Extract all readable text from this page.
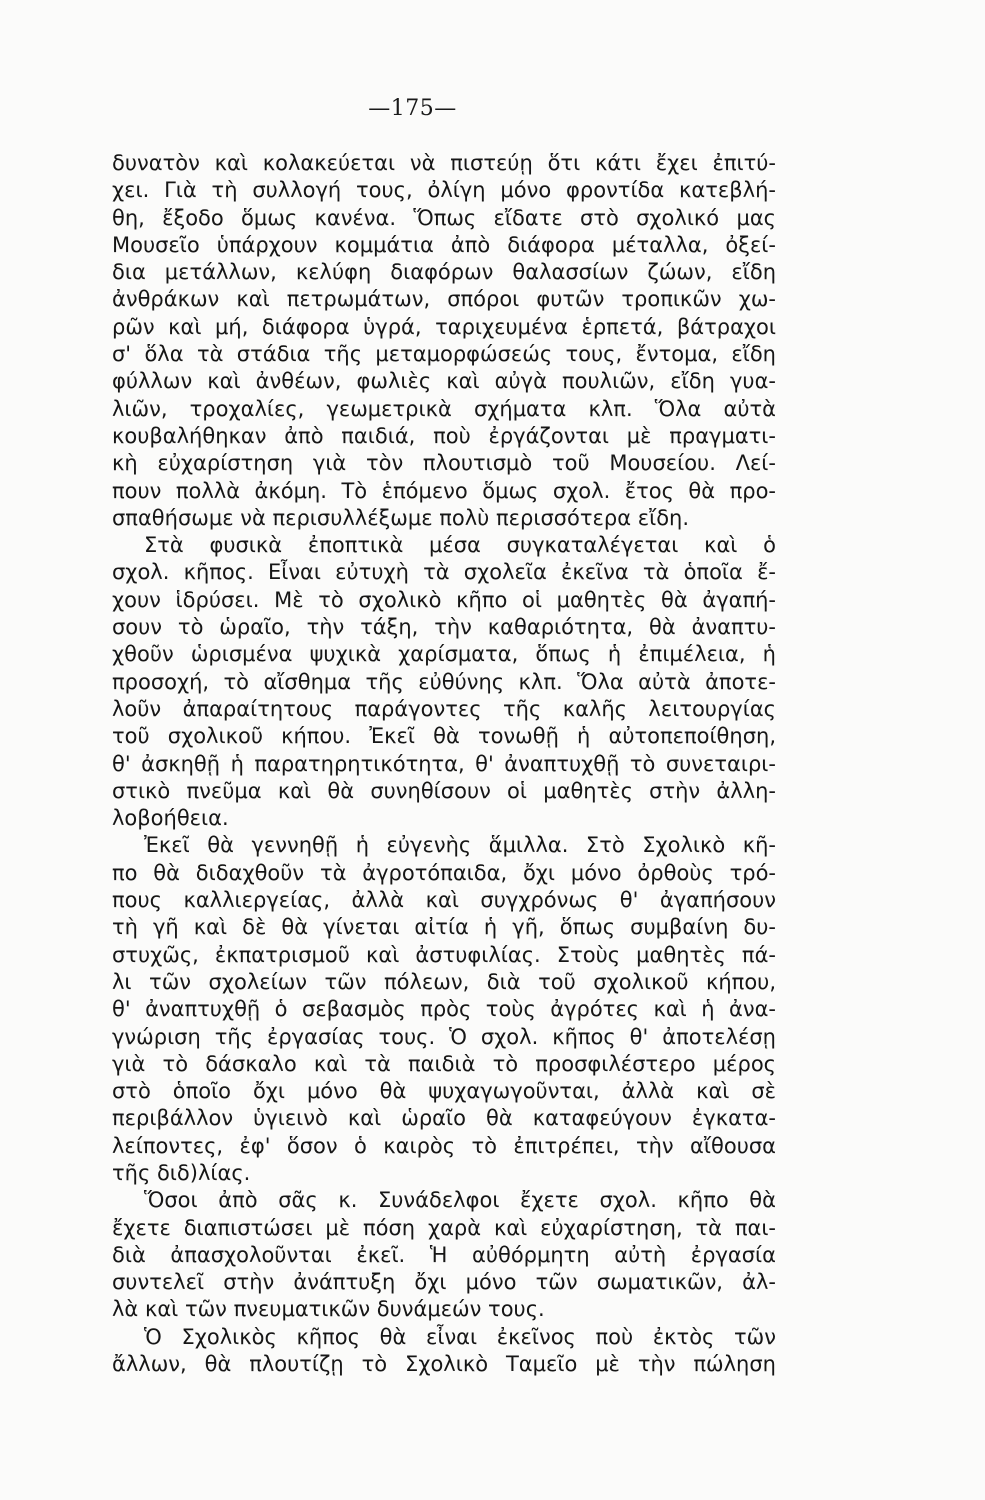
—175—
δυνατὸν καὶ κολακεύεται νὰ πιστεύῃ ὅτι κάτι ἔχει ἐπιτύ-
χει. Γιὰ τὴ συλλογή τους, ὀλίγη μόνο φροντίδα κατεβλή-
θη, ἔξοδο ὅμως κανένα. Ὅπως εἴδατε στὸ σχολικό μας
Μουσεῖο ὑπάρχουν κομμάτια ἀπὸ διάφορα μέταλλα, ὀξεί-
δια μετάλλων, κελύφη διαφόρων θαλασσίων ζώων, εἴδη
ἀνθράκων καὶ πετρωμάτων, σπόροι φυτῶν τροπικῶν χω-
ρῶν καὶ μή, διάφορα ὑγρά, ταριχευμένα ἑρπετά, βάτραχοι
σ' ὅλα τὰ στάδια τῆς μεταμορφώσεώς τους, ἔντομα, εἴδη
φύλλων καὶ ἀνθέων, φωλιὲς καὶ αὐγὰ πουλιῶν, εἴδη γυα-
λιῶν, τροχαλίες, γεωμετρικὰ σχήματα κλπ. Ὅλα αὐτὰ
κουβαλήθηκαν ἀπὸ παιδιά, ποὺ ἐργάζονται μὲ πραγματι-
κὴ εὐχαρίστηση γιὰ τὸν πλουτισμὸ τοῦ Μουσείου. Λεί-
πουν πολλὰ ἀκόμη. Τὸ ἑπόμενο ὅμως σχολ. ἔτος θὰ προ-
σπαθήσωμε νὰ περισυλλέξωμε πολὺ περισσότερα εἴδη.
Στὰ φυσικὰ ἐποπτικὰ μέσα συγκαταλέγεται καὶ ὁ
σχολ. κῆπος. Εἶναι εὐτυχὴ τὰ σχολεῖα ἐκεῖνα τὰ ὁποῖα ἔ-
χουν ἱδρύσει. Μὲ τὸ σχολικὸ κῆπο οἱ μαθητὲς θὰ ἀγαπή-
σουν τὸ ὡραῖο, τὴν τάξη, τὴν καθαριότητα, θὰ ἀναπτυ-
χθοῦν ὡρισμένα ψυχικὰ χαρίσματα, ὅπως ἡ ἐπιμέλεια, ἡ
προσοχή, τὸ αἴσθημα τῆς εὐθύνης κλπ. Ὅλα αὐτὰ ἀποτε-
λοῦν ἀπαραίτητους παράγοντες τῆς καλῆς λειτουργίας
τοῦ σχολικοῦ κήπου. Ἐκεῖ θὰ τονωθῇ ἡ αὐτοπεποίθηση,
θ' ἀσκηθῇ ἡ παρατηρητικότητα, θ' ἀναπτυχθῇ τὸ συνεταιρι-
στικὸ πνεῦμα καὶ θὰ συνηθίσουν οἱ μαθητὲς στὴν ἀλλη-
λοβοήθεια.
Ἐκεῖ θὰ γεννηθῇ ἡ εὐγενὴς ἅμιλλα. Στὸ Σχολικὸ κῆ-
πο θὰ διδαχθοῦν τὰ ἀγροτόπαιδα, ὄχι μόνο ὀρθοὺς τρό-
πους καλλιεργείας, ἀλλὰ καὶ συγχρόνως θ' ἀγαπήσουν
τὴ γῆ καὶ δὲ θὰ γίνεται αἰτία ἡ γῆ, ὅπως συμβαίνη δυ-
στυχῶς, ἐκπατρισμοῦ καὶ ἀστυφιλίας. Στοὺς μαθητὲς πά-
λι τῶν σχολείων τῶν πόλεων, διὰ τοῦ σχολικοῦ κήπου,
θ' ἀναπτυχθῇ ὁ σεβασμὸς πρὸς τοὺς ἀγρότες καὶ ἡ ἀνα-
γνώριση τῆς ἐργασίας τους. Ὁ σχολ. κῆπος θ' ἀποτελέσῃ
γιὰ τὸ δάσκαλο καὶ τὰ παιδιὰ τὸ προσφιλέστερο μέρος
στὸ ὁποῖο ὄχι μόνο θὰ ψυχαγωγοῦνται, ἀλλὰ καὶ σὲ
περιβάλλον ὑγιεινὸ καὶ ὡραῖο θὰ καταφεύγουν ἐγκατα-
λείποντες, ἐφ' ὅσον ὁ καιρὸς τὸ ἐπιτρέπει, τὴν αἴθουσα
τῆς διδ)λίας.
Ὅσοι ἀπὸ σᾶς κ. Συνάδελφοι ἔχετε σχολ. κῆπο θὰ
ἔχετε διαπιστώσει μὲ πόση χαρὰ καὶ εὐχαρίστηση, τὰ παι-
διὰ ἀπασχολοῦνται ἐκεῖ. Ἡ αὐθόρμητη αὐτὴ ἐργασία
συντελεῖ στὴν ἀνάπτυξη ὄχι μόνο τῶν σωματικῶν, ἀλ-
λὰ καὶ τῶν πνευματικῶν δυνάμεών τους.
Ὁ Σχολικὸς κῆπος θὰ εἶναι ἐκεῖνος ποὺ ἐκτὸς τῶν
ἄλλων, θὰ πλουτίζῃ τὸ Σχολικὸ Ταμεῖο μὲ τὴν πώληση
